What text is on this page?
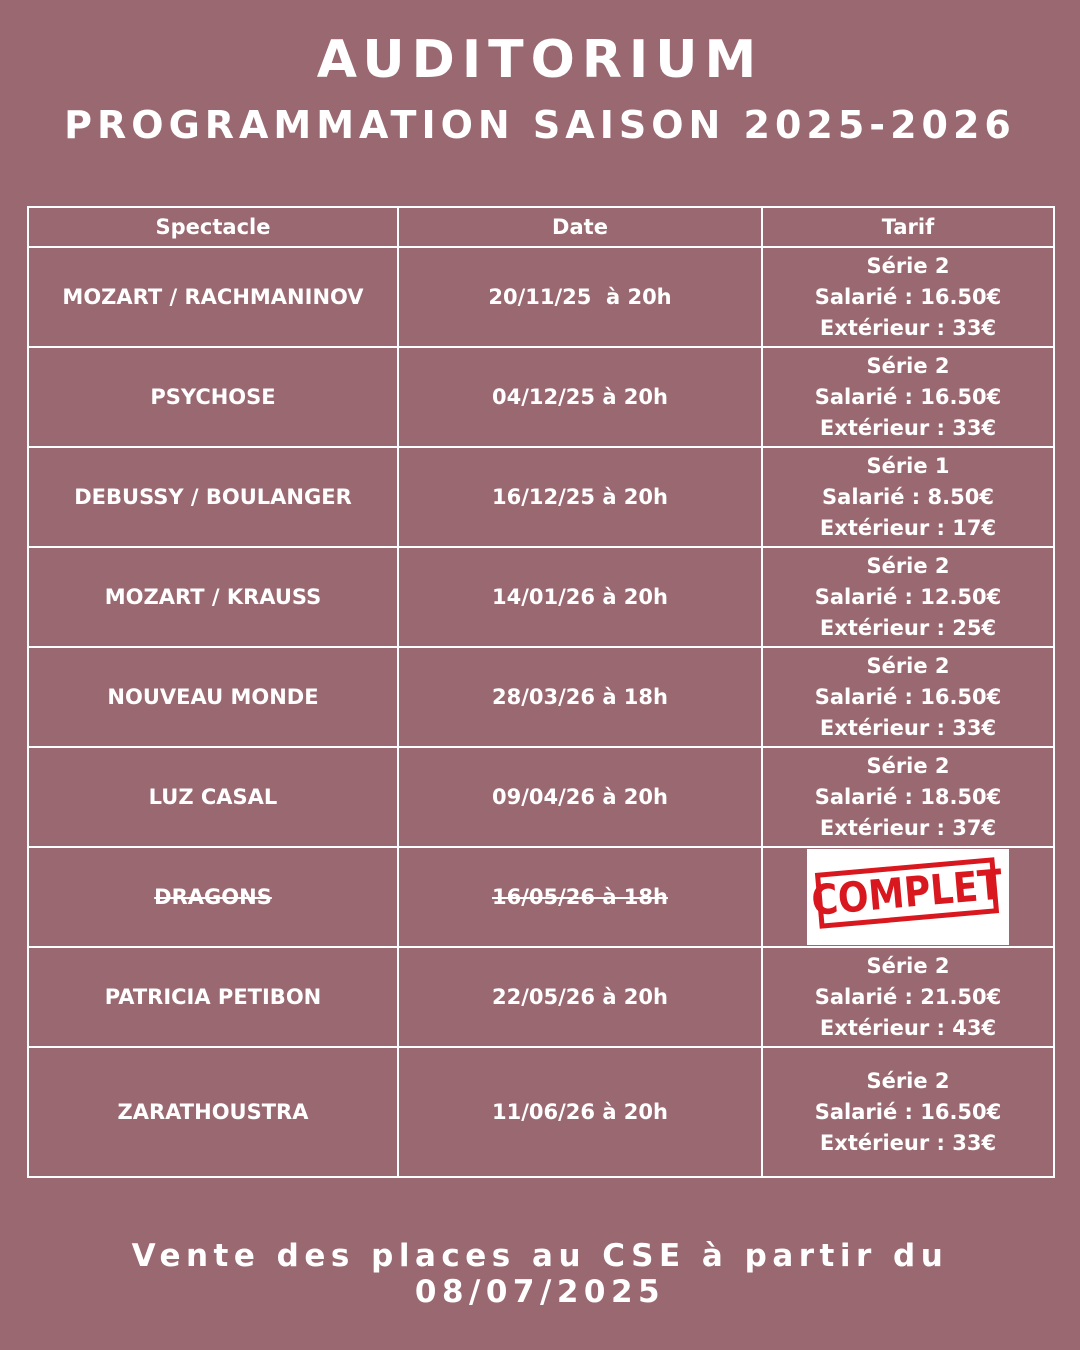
AUDITORIUM
PROGRAMMATION SAISON 2025-2026
Spectacle	Date	Tarif
MOZART / RACHMANINOV	20/11/25  à 20h	Série 2
Salarié : 16.50€
Extérieur : 33€

PSYCHOSE	04/12/25 à 20h	Série 2
Salarié : 16.50€
Extérieur : 33€

DEBUSSY / BOULANGER	16/12/25 à 20h	Série 1
Salarié : 8.50€
Extérieur : 17€

MOZART / KRAUSS	14/01/26 à 20h	Série 2
Salarié : 12.50€
Extérieur : 25€

NOUVEAU MONDE	28/03/26 à 18h	Série 2
Salarié : 16.50€
Extérieur : 33€

LUZ CASAL	09/04/26 à 20h	Série 2
Salarié : 18.50€
Extérieur : 37€

DRAGONS	16/05/26 à 18h	COMPLET

PATRICIA PETIBON	22/05/26 à 20h	Série 2
Salarié : 21.50€
Extérieur : 43€

ZARATHOUSTRA	11/06/26 à 20h	Série 2
Salarié : 16.50€
Extérieur : 33€

Vente des places au CSE à partir du 08/07/2025
